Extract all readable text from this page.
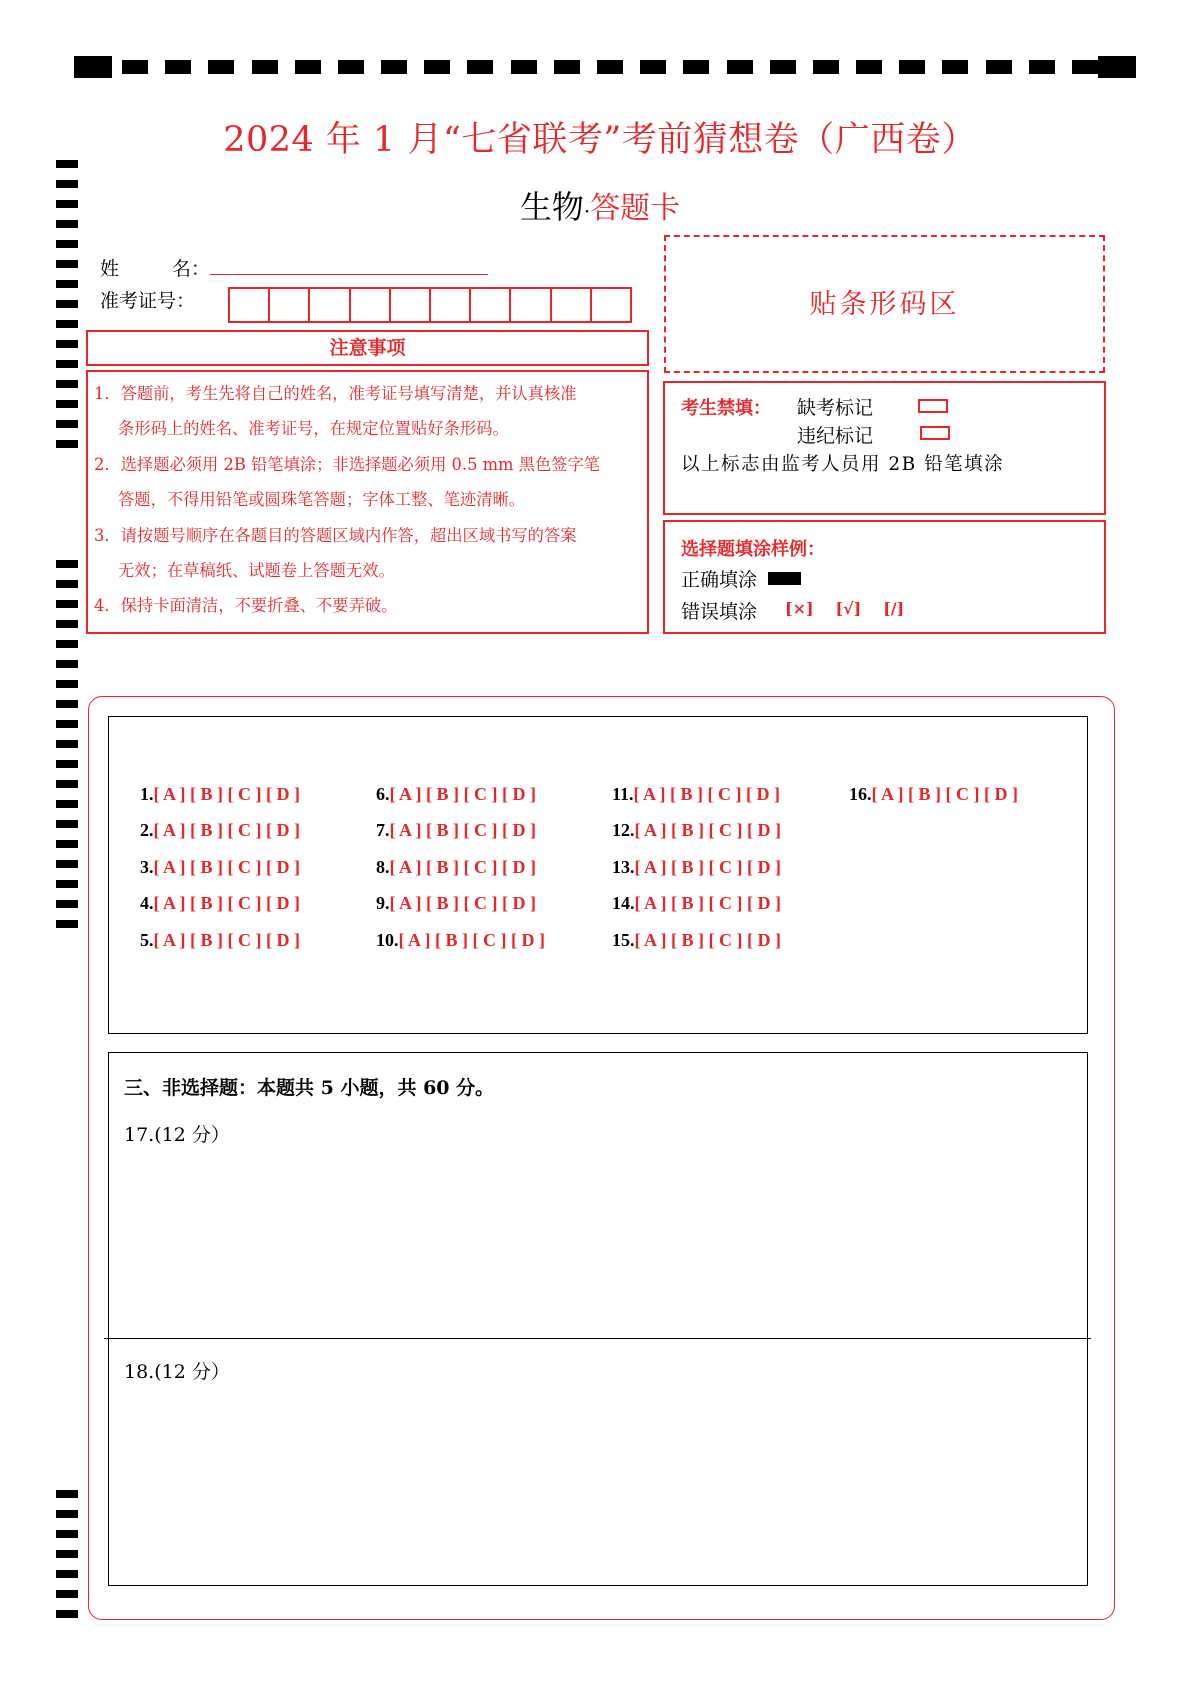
2024 年 1 月“七省联考”考前猜想卷（广西卷）
生物·答题卡
姓 名：
准考证号：
注意事项
1．答题前，考生先将自己的姓名，准考证号填写清楚，并认真核准
条形码上的姓名、准考证号，在规定位置贴好条形码。
2．选择题必须用 2B 铅笔填涂；非选择题必须用 0.5 mm 黑色签字笔
答题，不得用铅笔或圆珠笔答题；字体工整、笔迹清晰。
3．请按题号顺序在各题目的答题区域内作答，超出区域书写的答案
无效；在草稿纸、试题卷上答题无效。
4．保持卡面清洁，不要折叠、不要弄破。
贴条形码区
考生禁填： 缺考标记
违纪标记
以上标志由监考人员用 2B 铅笔填涂
选择题填涂样例：
正确填涂
错误填涂 [×] [√] [/]
1.[ A ] [ B ] [ C ] [ D ]
2.[ A ] [ B ] [ C ] [ D ]
3.[ A ] [ B ] [ C ] [ D ]
4.[ A ] [ B ] [ C ] [ D ]
5.[ A ] [ B ] [ C ] [ D ]
6.[ A ] [ B ] [ C ] [ D ]
7.[ A ] [ B ] [ C ] [ D ]
8.[ A ] [ B ] [ C ] [ D ]
9.[ A ] [ B ] [ C ] [ D ]
10.[ A ] [ B ] [ C ] [ D ]
11.[ A ] [ B ] [ C ] [ D ]
12.[ A ] [ B ] [ C ] [ D ]
13.[ A ] [ B ] [ C ] [ D ]
14.[ A ] [ B ] [ C ] [ D ]
15.[ A ] [ B ] [ C ] [ D ]
16.[ A ] [ B ] [ C ] [ D ]
三、非选择题：本题共 5 小题，共 60 分。
17.(12 分）
18.(12 分）
